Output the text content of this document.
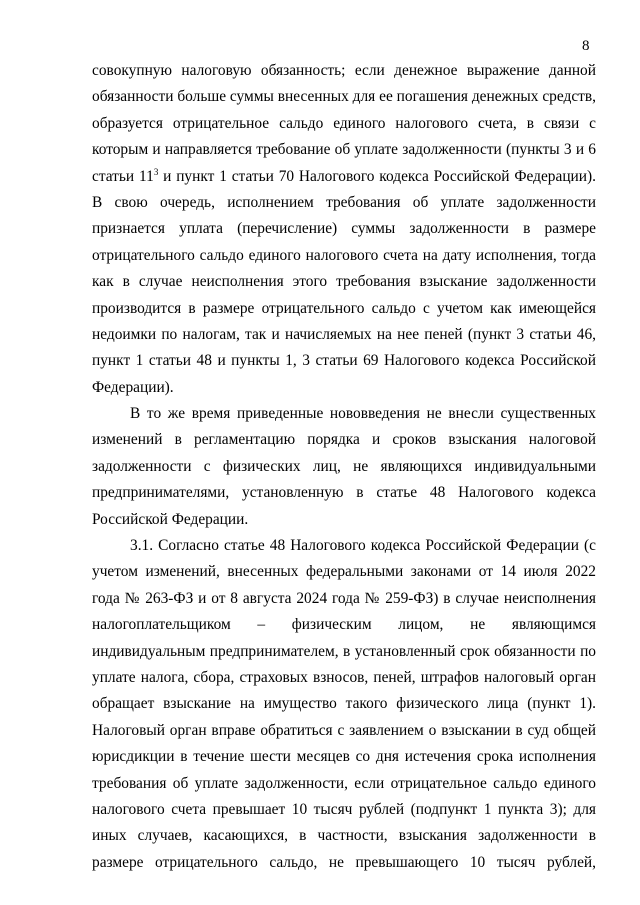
8
совокупную налоговую обязанность; если денежное выражение данной
обязанности больше суммы внесенных для ее погашения денежных средств,
образуется отрицательное сальдо единого налогового счета, в связи с
которым и направляется требование об уплате задолженности (пункты 3 и 6
статьи $11^3$ и пункт 1 статьи 70 Налогового кодекса Российской Федерации).
В свою очередь, исполнением требования об уплате задолженности
признается уплата (перечисление) суммы задолженности в размере
отрицательного сальдо единого налогового счета на дату исполнения, тогда
как в случае неисполнения этого требования взыскание задолженности
производится в размере отрицательного сальдо с учетом как имеющейся
недоимки по налогам, так и начисляемых на нее пеней (пункт 3 статьи 46,
пункт 1 статьи 48 и пункты 1, 3 статьи 69 Налогового кодекса Российской
Федерации).
В то же время приведенные нововведения не внесли существенных
изменений в регламентацию порядка и сроков взыскания налоговой
задолженности с физических лиц, не являющихся индивидуальными
предпринимателями, установленную в статье 48 Налогового кодекса
Российской Федерации.
3.1. Согласно статье 48 Налогового кодекса Российской Федерации (с
учетом изменений, внесенных федеральными законами от 14 июля 2022
года № 263-ФЗ и от 8 августа 2024 года № 259-ФЗ) в случае неисполнения
налогоплательщиком – физическим лицом, не являющимся
индивидуальным предпринимателем, в установленный срок обязанности по
уплате налога, сбора, страховых взносов, пеней, штрафов налоговый орган
обращает взыскание на имущество такого физического лица (пункт 1).
Налоговый орган вправе обратиться с заявлением о взыскании в суд общей
юрисдикции в течение шести месяцев со дня истечения срока исполнения
требования об уплате задолженности, если отрицательное сальдо единого
налогового счета превышает 10 тысяч рублей (подпункт 1 пункта 3); для
иных случаев, касающихся, в частности, взыскания задолженности в
размере отрицательного сальдо, не превышающего 10 тысяч рублей,
